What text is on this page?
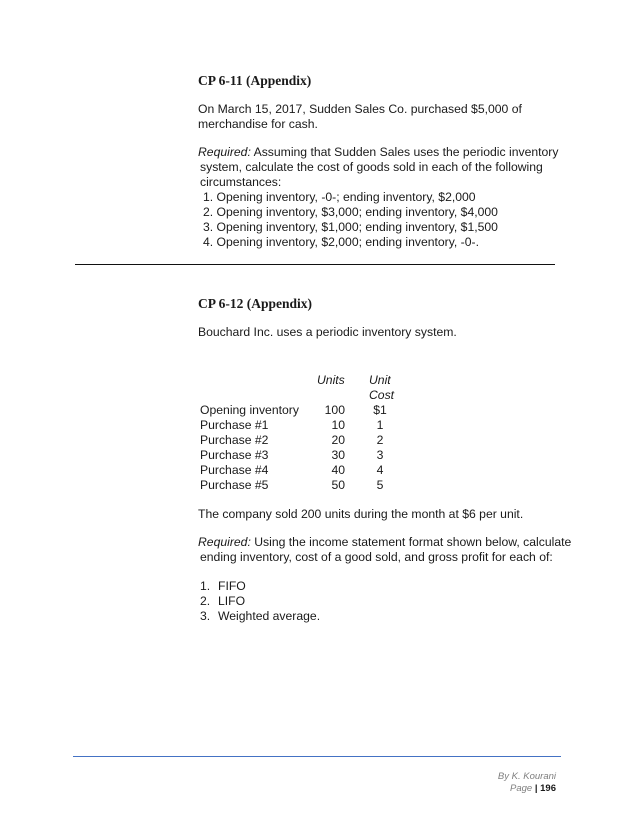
CP 6-11 (Appendix)
On March 15, 2017, Sudden Sales Co. purchased $5,000 of
merchandise for cash.
Required: Assuming that Sudden Sales uses the periodic inventory
system, calculate the cost of goods sold in each of the following
circumstances:
1. Opening inventory, -0-; ending inventory, $2,000
2. Opening inventory, $3,000; ending inventory, $4,000
3. Opening inventory, $1,000; ending inventory, $1,500
4. Opening inventory, $2,000; ending inventory, -0-.
CP 6-12 (Appendix)
Bouchard Inc. uses a periodic inventory system.
Units Unit
Cost
Opening inventory	100	$1
Purchase #1	10	1
Purchase #2	20	2
Purchase #3	30	3
Purchase #4	40	4
Purchase #5	50	5
The company sold 200 units during the month at $6 per unit.
Required: Using the income statement format shown below, calculate
ending inventory, cost of a good sold, and gross profit for each of:
1. FIFO
2. LIFO
3. Weighted average.
By K. Kourani
Page | 196
